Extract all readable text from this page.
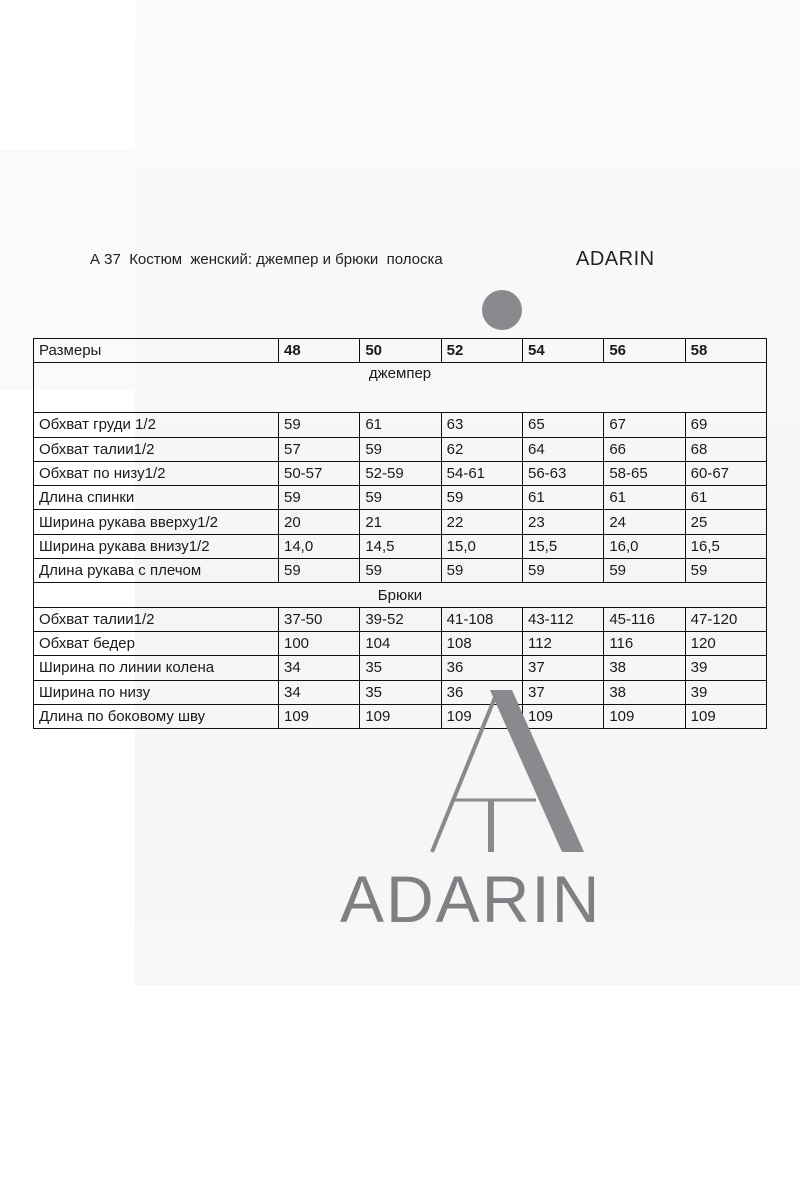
А 37  Костюм  женский: джемпер и брюки  полоска	ADARIN
Размеры	48	50	52	54	56	58
джемпер						
Обхват груди 1/2	59	61	63	65	67	69
Обхват талии1/2	57	59	62	64	66	68
Обхват по низу1/2	50-57	52-59	54-61	56-63	58-65	60-67
Длина спинки	59	59	59	61	61	61
Ширина рукава вверху1/2	20	21	22	23	24	25
Ширина рукава внизу1/2	14,0	14,5	15,0	15,5	16,0	16,5
Длина рукава с плечом	59	59	59	59	59	59
Брюки						
Обхват талии1/2	37-50	39-52	41-108	43-112	45-116	47-120
Обхват бедер	100	104	108	112	116	120
Ширина по линии колена	34	35	36	37	38	39
Ширина по низу	34	35	36	37	38	39
Длина по боковому шву	109	109	109	109	109	109
ADARIN
